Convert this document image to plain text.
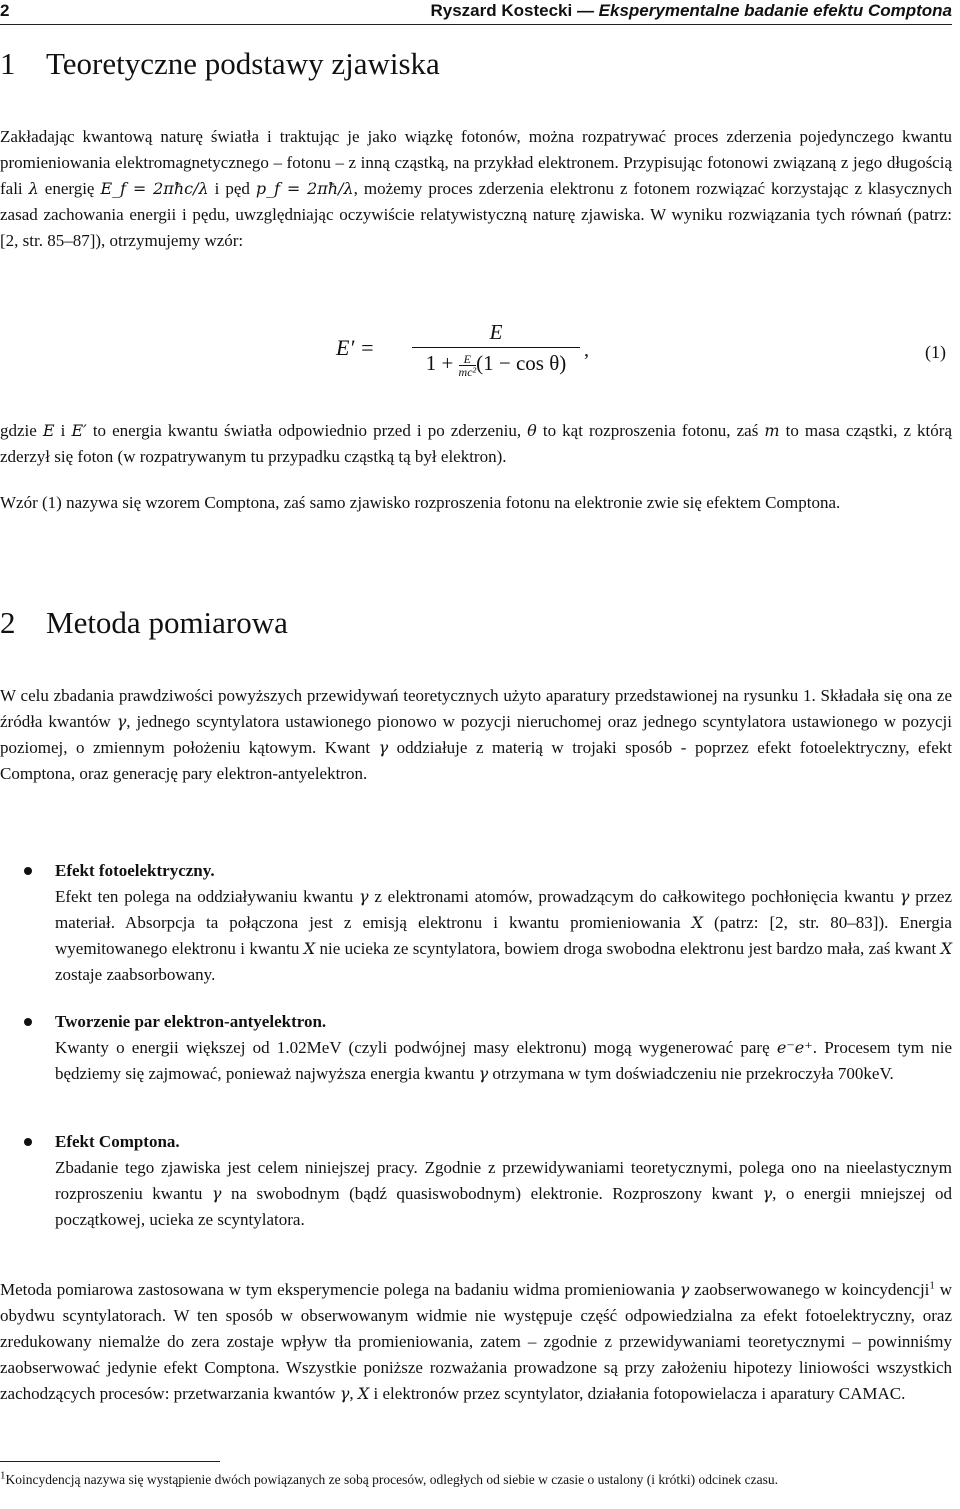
2	Ryszard Kostecki — Eksperymentalne badanie efektu Comptona
1 Teoretyczne podstawy zjawiska

Zakładając kwantową naturę światła i traktując je jako wiązkę fotonów, można rozpatrywać proces zderzenia pojedynczego kwantu promieniowania elektromagnetycznego – fotonu – z inną cząstką, na przykład elektronem. Przypisując fotonowi związaną z jego długością fali λ energię E_f = 2πħc/λ i pęd p_f = 2πħ/λ, możemy proces zderzenia elektronu z fotonem rozwiązać korzystając z klasycznych zasad zachowania energii i pędu, uwzględniając oczywiście relatywistyczną naturę zjawiska. W wyniku rozwiązania tych równań (patrz: [2, str. 85–87]), otrzymujemy wzór:

E′ =
E
$1 + \frac{E}{\text{mc²}} (1 - \cos \theta)$
,	(1)

gdzie E i E′ to energia kwantu światła odpowiednio przed i po zderzeniu, θ to kąt rozproszenia fotonu, zaś m to masa cząstki, z którą zderzył się foton (w rozpatrywanym tu przypadku cząstką tą był elektron).

Wzór (1) nazywa się wzorem Comptona, zaś samo zjawisko rozproszenia fotonu na elektronie zwie się efektem Comptona.

2 Metoda pomiarowa

W celu zbadania prawdziwości powyższych przewidywań teoretycznych użyto aparatury przedstawionej na rysunku 1. Składała się ona ze źródła kwantów γ, jednego scyntylatora ustawionego pionowo w pozycji nieruchomej oraz jednego scyntylatora ustawionego w pozycji poziomej, o zmiennym położeniu kątowym. Kwant γ oddziałuje z materią w trojaki sposób - poprzez efekt fotoelektryczny, efekt Comptona, oraz generację pary elektron-antyelektron.

Efekt fotoelektryczny.
Efekt ten polega na oddziaływaniu kwantu γ z elektronami atomów, prowadzącym do całkowitego pochłonięcia kwantu γ przez materiał. Absorpcja ta połączona jest z emisją elektronu i kwantu promieniowania X (patrz: [2, str. 80–83]). Energia wyemitowanego elektronu i kwantu X nie ucieka ze scyntylatora, bowiem droga swobodna elektronu jest bardzo mała, zaś kwant X zostaje zaabsorbowany.
Tworzenie par elektron-antyelektron.
Kwanty o energii większej od 1.02MeV (czyli podwójnej masy elektronu) mogą wygenerować parę e⁻e⁺. Procesem tym nie będziemy się zajmować, ponieważ najwyższa energia kwantu γ otrzymana w tym doświadczeniu nie przekroczyła 700keV.
Efekt Comptona.
Zbadanie tego zjawiska jest celem niniejszej pracy. Zgodnie z przewidywaniami teoretycznymi, polega ono na nieelastycznym rozproszeniu kwantu γ na swobodnym (bądź quasiswobodnym) elektronie. Rozproszony kwant γ, o energii mniejszej od początkowej, ucieka ze scyntylatora.

Metoda pomiarowa zastosowana w tym eksperymencie polega na badaniu widma promieniowania γ zaobserwowanego w koincydencji$^1$ w obydwu scyntylatorach. W ten sposób w obserwowanym widmie nie występuje część odpowiedzialna za efekt fotoelektryczny, oraz zredukowany niemalże do zera zostaje wpływ tła promieniowania, zatem – zgodnie z przewidywaniami teoretycznymi – powinniśmy zaobserwować jedynie efekt Comptona. Wszystkie poniższe rozważania prowadzone są przy założeniu hipotezy liniowości wszystkich zachodzących procesów: przetwarzania kwantów γ, X i elektronów przez scyntylator, działania fotopowielacza i aparatury CAMAC.

$^1$Koincydencją nazywa się wystąpienie dwóch powiązanych ze sobą procesów, odległych od siebie w czasie o ustalony (i krótki) odcinek czasu.
